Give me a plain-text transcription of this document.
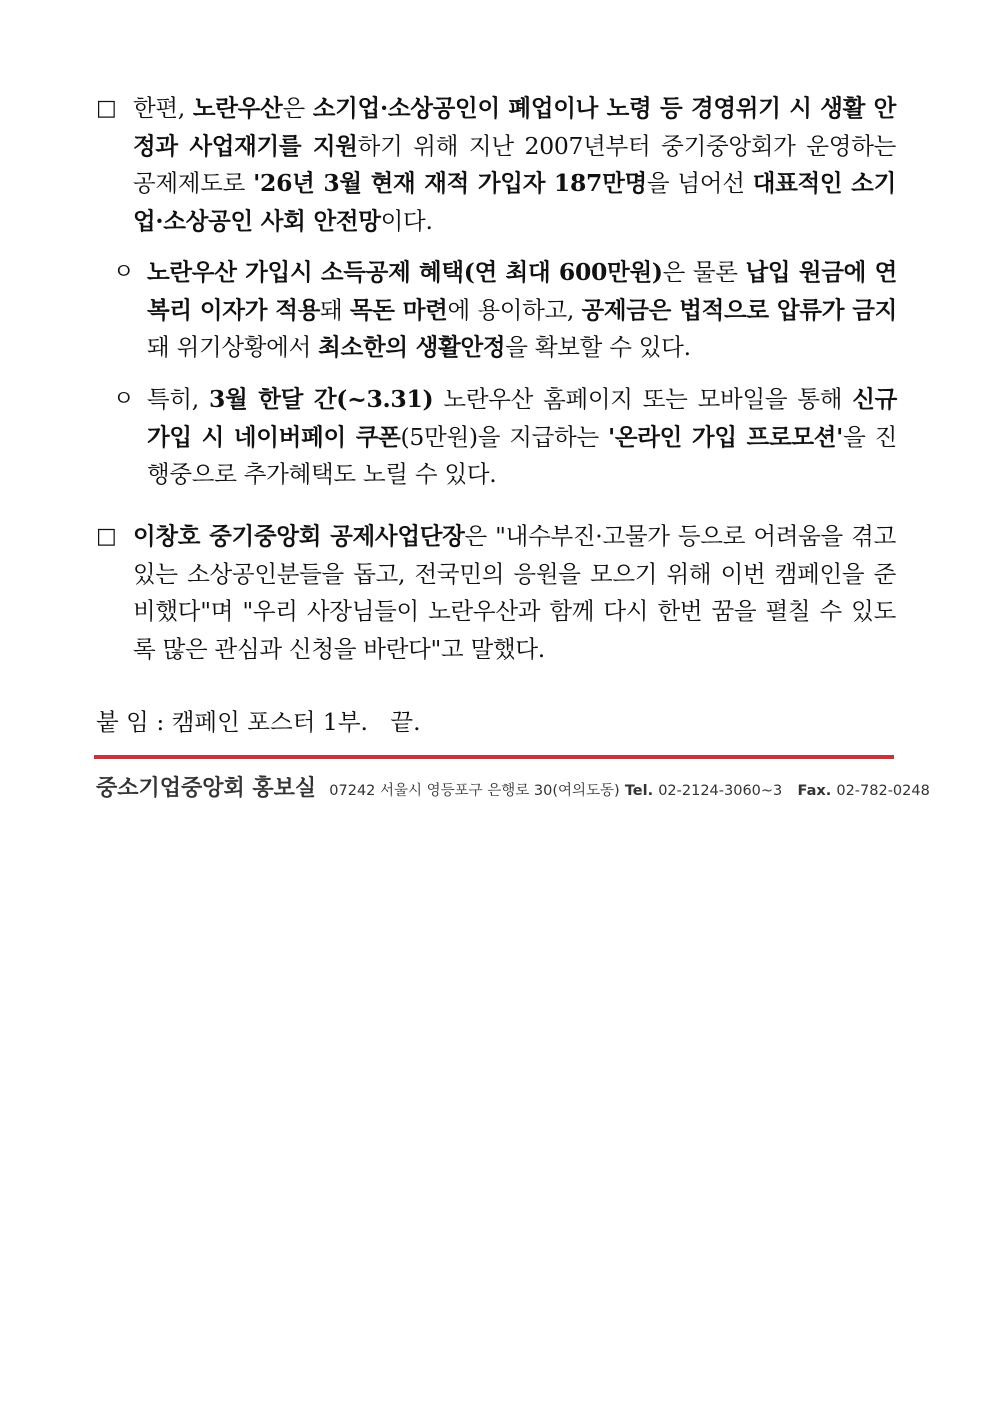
□ 한편, 노란우산은 소기업·소상공인이 폐업이나 노령 등 경영위기 시 생활 안정과 사업재기를 지원하기 위해 지난 2007년부터 중기중앙회가 운영하는 공제제도로 '26년 3월 현재 재적 가입자 187만명을 넘어선 대표적인 소기업·소상공인 사회 안전망이다.
ㅇ 노란우산 가입시 소득공제 혜택(연 최대 600만원)은 물론 납입 원금에 연복리 이자가 적용돼 목돈 마련에 용이하고, 공제금은 법적으로 압류가 금지돼 위기상황에서 최소한의 생활안정을 확보할 수 있다.
ㅇ 특히, 3월 한달 간(~3.31) 노란우산 홈페이지 또는 모바일을 통해 신규 가입 시 네이버페이 쿠폰(5만원)을 지급하는 '온라인 가입 프로모션'을 진행중으로 추가혜택도 노릴 수 있다.
□ 이창호 중기중앙회 공제사업단장은 "내수부진·고물가 등으로 어려움을 겪고 있는 소상공인분들을 돕고, 전국민의 응원을 모으기 위해 이번 캠페인을 준비했다"며 "우리 사장님들이 노란우산과 함께 다시 한번 꿈을 펼칠 수 있도록 많은 관심과 신청을 바란다"고 말했다.
붙 임 : 캠페인 포스터 1부.   끝.
중소기업중앙회 홍보실 07242 서울시 영등포구 은행로 30(여의도동) Tel. 02-2124-3060~3 Fax. 02-782-0248
